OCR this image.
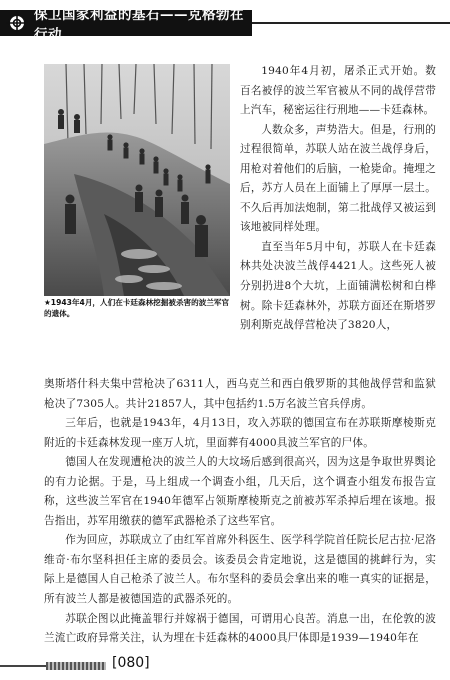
保卫国家利益的基石——克格勃在行动
★1943年4月，人们在卡廷森林挖掘被杀害的波兰军官的遗体。

1940年4月初，屠杀正式开始。数百名被俘的波兰军官被从不同的战俘营带上汽车，秘密运往行刑地——卡廷森林。

人数众多，声势浩大。但是，行刑的过程很简单，苏联人站在波兰战俘身后，用枪对着他们的后脑，一枪毙命。掩埋之后，苏方人员在上面铺上了厚厚一层土。不久后再加法炮制，第二批战俘又被运到该地被同样处理。

直至当年5月中旬，苏联人在卡廷森林共处决波兰战俘4421人。这些死人被分别扔进8个大坑，上面铺满松树和白桦树。除卡廷森林外，苏联方面还在斯塔罗别利斯克战俘营枪决了3820人，

奥斯塔什科夫集中营枪决了6311人，西乌克兰和西白俄罗斯的其他战俘营和监狱枪决了7305人。共计21857人，其中包括约1.5万名波兰官兵俘虏。

三年后，也就是1943年，4月13日，攻入苏联的德国宣布在苏联斯摩棱斯克附近的卡廷森林发现一座万人坑，里面葬有4000具波兰军官的尸体。

德国人在发现遭枪决的波兰人的大坟场后感到很高兴，因为这是争取世界舆论的有力论据。于是，马上组成一个调查小组，几天后，这个调查小组发布报告宣称，这些波兰军官在1940年德军占领斯摩棱斯克之前被苏军杀掉后埋在该地。报告指出，苏军用缴获的德军武器枪杀了这些军官。

作为回应，苏联成立了由红军首席外科医生、医学科学院首任院长尼古拉·尼洛维奇·布尔坚科担任主席的委员会。该委员会肯定地说，这是德国的挑衅行为，实际上是德国人自己枪杀了波兰人。布尔坚科的委员会拿出来的唯一真实的证据是，所有波兰人都是被德国造的武器杀死的。

苏联企图以此掩盖罪行并嫁祸于德国，可谓用心良苦。消息一出，在伦敦的波兰流亡政府异常关注，认为埋在卡廷森林的4000具尸体即是1939—1940年在

[080]
